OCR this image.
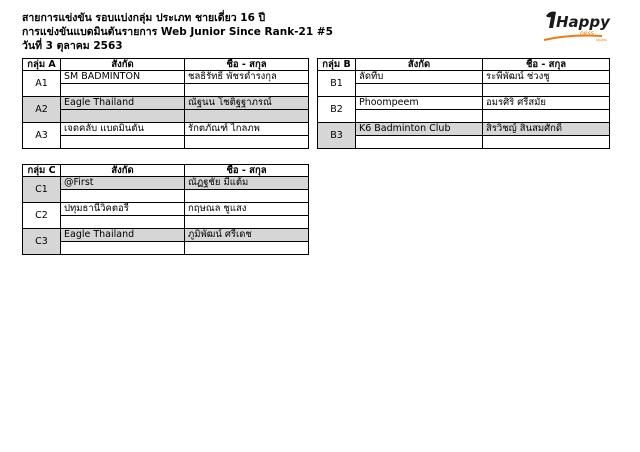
สายการแข่งขัน รอบแบ่งกลุ่ม ประเภท ชายเดี่ยว 16 ปี
การแข่งขันแบดมินตันรายการ Web Junior Since Rank-21 #5
วันที่ 3 ตุลาคม 2563
Happy
ness
studio
กลุ่ม A	สังกัด	ชื่อ - สกุล
A1	SM BADMINTON	ชลธิรัทธิ์ พัชรดำรงกุล

A2	Eagle Thailand	ณัฐนน โชติฐฐาภรณ์

A3	เจดคลับ แบดมินตัน	รักตภัณฑ์ ไกลภพ

กลุ่ม B	สังกัด	ชื่อ - สกุล
B1	ลัดทีบ	ระพีพัฒน์ ช่วงชู

B2	Phoompeem	อมรศิริ ศรีสมัย

B3	K6 Badminton Club	สิรวิชญ์ สินสมศักดิ์

กลุ่ม C	สังกัด	ชื่อ - สกุล
C1	@First	ณัฏฐชัย มีแต้ม

C2	ปทุมธานีวิคตอรี่	กฤษณล ชูแสง

C3	Eagle Thailand	ภูมิพัฒน์ ศรีเดช
